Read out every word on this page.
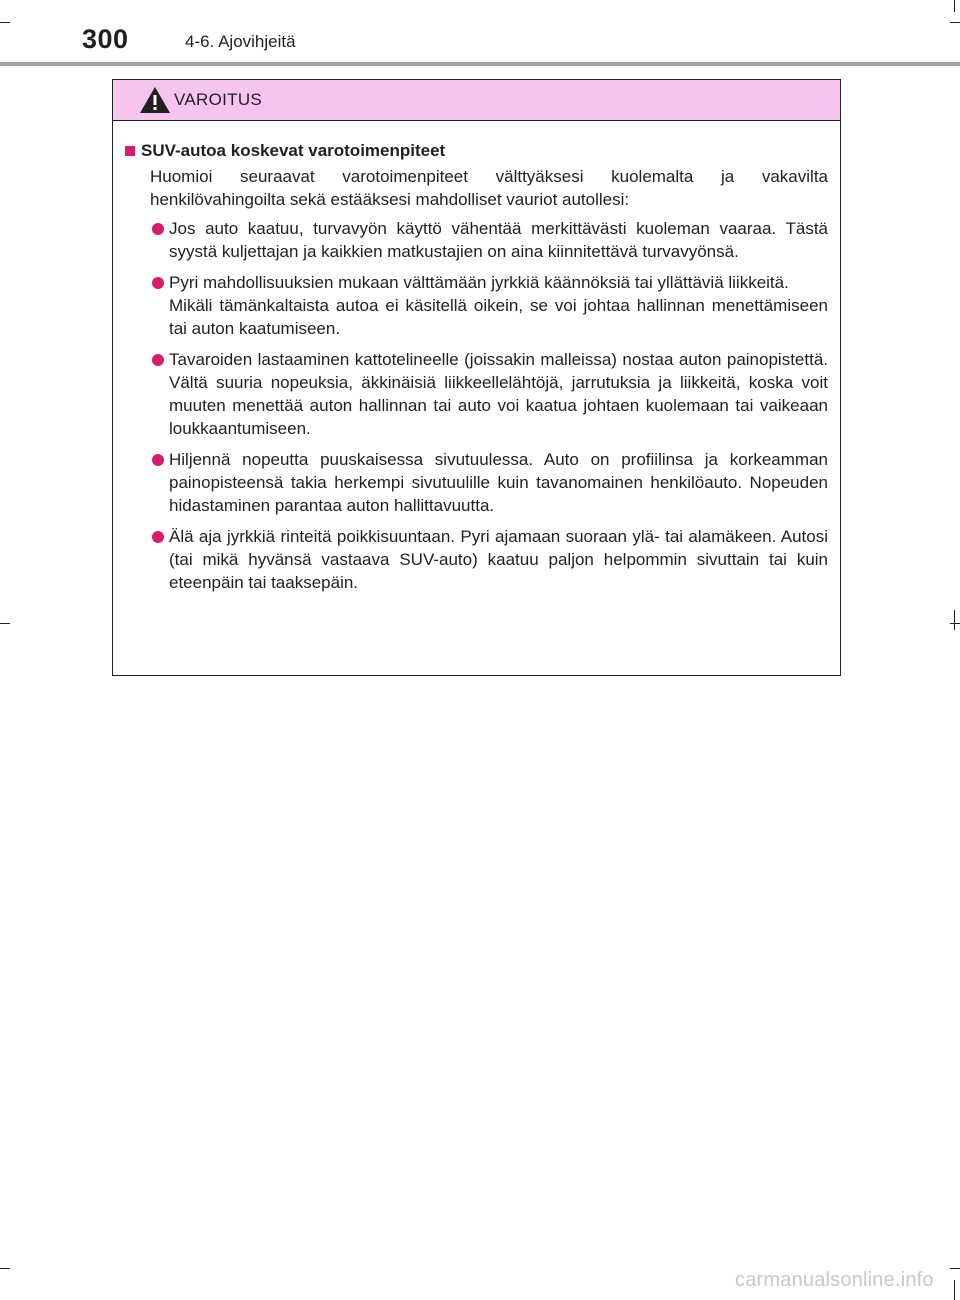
300	4-6. Ajovihjeitä
VAROITUS
SUV-autoa koskevat varotoimenpiteet
Huomioi seuraavat varotoimenpiteet välttyäksesi kuolemalta ja vakavilta henkilövahingoilta sekä estääksesi mahdolliset vauriot autollesi:
Jos auto kaatuu, turvavyön käyttö vähentää merkittävästi kuoleman vaaraa. Tästä syystä kuljettajan ja kaikkien matkustajien on aina kiinnitettävä turvavyönsä.
Pyri mahdollisuuksien mukaan välttämään jyrkkiä käännöksiä tai yllättäviä liikkeitä.
Mikäli tämänkaltaista autoa ei käsitellä oikein, se voi johtaa hallinnan menettämiseen tai auton kaatumiseen.
Tavaroiden lastaaminen kattotelineelle (joissakin malleissa) nostaa auton painopistettä. Vältä suuria nopeuksia, äkkinäisiä liikkeellelähtöjä, jarrutuksia ja liikkeitä, koska voit muuten menettää auton hallinnan tai auto voi kaatua johtaen kuolemaan tai vaikeaan loukkaantumiseen.
Hiljennä nopeutta puuskaisessa sivutuulessa. Auto on profiilinsa ja korkeamman painopisteensä takia herkempi sivutuulille kuin tavanomainen henkilöauto. Nopeuden hidastaminen parantaa auton hallittavuutta.
Älä aja jyrkkiä rinteitä poikkisuuntaan. Pyri ajamaan suoraan ylä- tai alamäkeen. Autosi (tai mikä hyvänsä vastaava SUV-auto) kaatuu paljon helpommin sivuttain tai kuin eteenpäin tai taaksepäin.
carmanualsonline.info
